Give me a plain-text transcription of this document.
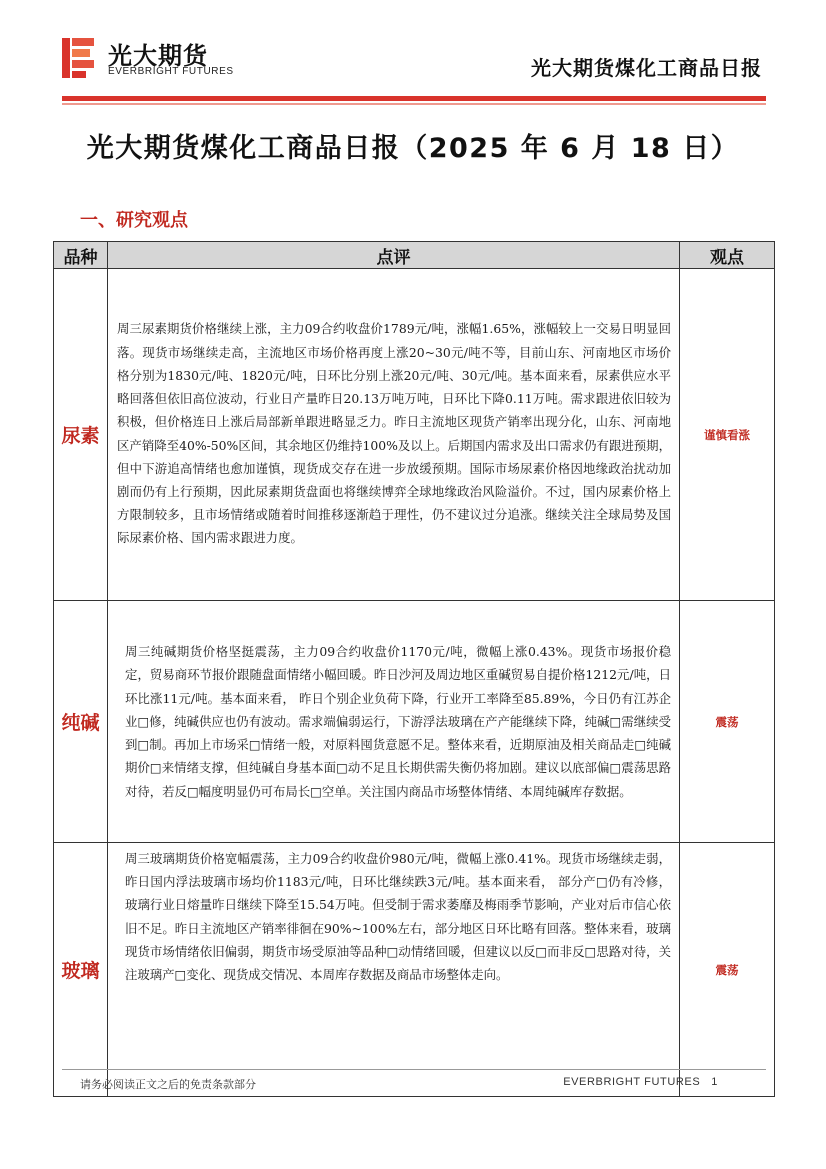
光大期货
EVERBRIGHT FUTURES	光大期货煤化工商品日报
光大期货煤化工商品日报（2025 年 6 月 18 日）
一、研究观点
品种	点评	观点
尿素	周三尿素期货价格继续上涨，主力09合约收盘价1789元/吨，涨幅1.65%，涨幅较上一交易日明显回落。现货市场继续走高，主流地区市场价格再度上涨20~30元/吨不等，目前山东、河南地区市场价格分别为1830元/吨、1820元/吨，日环比分别上涨20元/吨、30元/吨。基本面来看，尿素供应水平略回落但依旧高位波动，行业日产量昨日20.13万吨万吨，日环比下降0.11万吨。需求跟进依旧较为积极，但价格连日上涨后局部新单跟进略显乏力。昨日主流地区现货产销率出现分化，山东、河南地区产销降至40%-50%区间，其余地区仍维持100%及以上。后期国内需求及出口需求仍有跟进预期，但中下游追高情绪也愈加谨慎，现货成交存在进一步放缓预期。国际市场尿素价格因地缘政治扰动加剧而仍有上行预期，因此尿素期货盘面也将继续博弈全球地缘政治风险溢价。不过，国内尿素价格上方限制较多，且市场情绪或随着时间推移逐渐趋于理性，仍不建议过分追涨。继续关注全球局势及国际尿素价格、国内需求跟进力度。	谨慎看涨
纯碱	周三纯碱期货价格坚挺震荡，主力09合约收盘价1170元/吨，微幅上涨0.43%。现货市场报价稳定，贸易商环节报价跟随盘面情绪小幅回暖。昨日沙河及周边地区重碱贸易自提价格1212元/吨，日环比涨11元/吨。基本面来看， 昨日个别企业负荷下降，行业开工率降至85.89%，今日仍有江苏企业□修，纯碱供应也仍有波动。需求端偏弱运行，下游浮法玻璃在产产能继续下降，纯碱□需继续受到□制。再加上市场采□情绪一般，对原料囤货意愿不足。整体来看，近期原油及相关商品走□纯碱期价□来情绪支撑，但纯碱自身基本面□动不足且长期供需失衡仍将加剧。建议以底部偏□震荡思路对待，若反□幅度明显仍可布局长□空单。关注国内商品市场整体情绪、本周纯碱库存数据。	震荡
玻璃	周三玻璃期货价格宽幅震荡，主力09合约收盘价980元/吨，微幅上涨0.41%。现货市场继续走弱，昨日国内浮法玻璃市场均价1183元/吨，日环比继续跌3元/吨。基本面来看， 部分产□仍有冷修，玻璃行业日熔量昨日继续下降至15.54万吨。但受制于需求萎靡及梅雨季节影响，产业对后市信心依旧不足。昨日主流地区产销率徘徊在90%~100%左右，部分地区日环比略有回落。整体来看，玻璃现货市场情绪依旧偏弱，期货市场受原油等品种□动情绪回暖，但建议以反□而非反□思路对待，关注玻璃产□变化、现货成交情况、本周库存数据及商品市场整体走向。	震荡
请务必阅读正文之后的免责条款部分	EVERBRIGHT FUTURES 1
